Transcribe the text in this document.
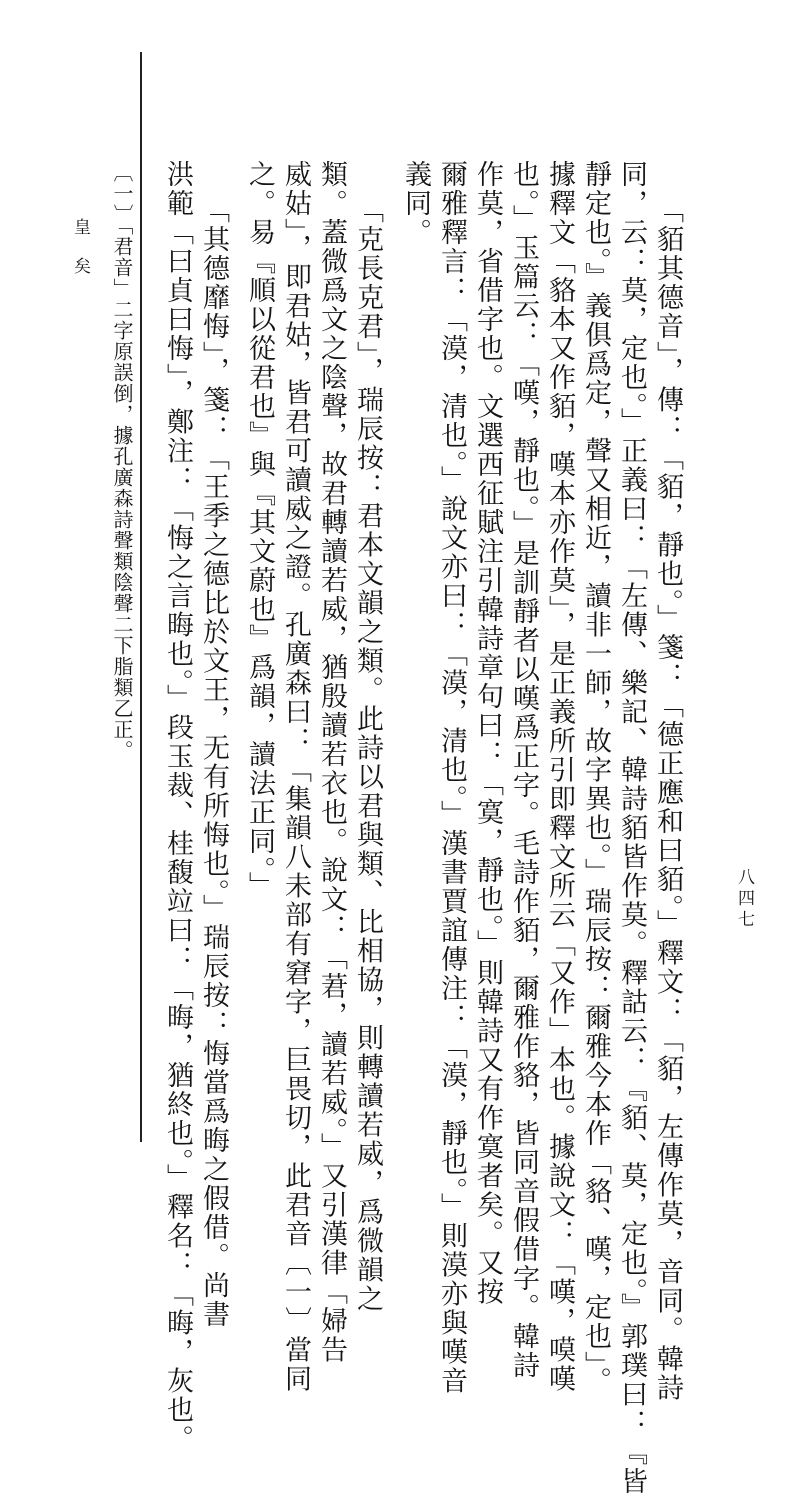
八四七
「貊其德音」，傳：「貊，靜也。」箋：「德正應和曰貊。」釋文：「貊，左傳作莫，音同。韓詩
同，云：莫，定也。」正義曰：「左傳、樂記、韓詩貊皆作莫。釋詁云：『貊、莫，定也。』郭璞曰：『皆
靜定也。』義俱爲定，聲又相近，讀非一師，故字異也。」瑞辰按：爾雅今本作「貉、嘆，定也」。
據釋文「貉本又作貊，嘆本亦作莫」，是正義所引即釋文所云「又作」本也。據說文：「嘆，嗼嘆
也。」玉篇云：「嘆，靜也。」是訓靜者以嘆爲正字。毛詩作貊，爾雅作貉，皆同音假借字。韓詩
作莫，省借字也。文選西征賦注引韓詩章句曰：「寞，靜也。」則韓詩又有作寞者矣。又按
爾雅釋言：「漠，清也。」說文亦曰：「漠，清也。」漢書賈誼傳注：「漠，靜也。」則漠亦與嘆音
義同。
「克長克君」，瑞辰按：君本文韻之類。此詩以君與類、比相協，則轉讀若威，爲微韻之
類。蓋微爲文之陰聲，故君轉讀若威，猶殷讀若衣也。說文：「莙，讀若威。」又引漢律「婦告
威姑」，即君姑，皆君可讀威之證。孔廣森曰：「集韻八未部有窘字，巨畏切，此君音〔一〕當同
之。易『順以從君也』與『其文蔚也』爲韻，讀法正同。」
「其德靡悔」，箋：「王季之德比於文王，无有所悔也。」瑞辰按：悔當爲晦之假借。尚書
洪範「曰貞曰悔」，鄭注：「悔之言晦也。」段玉裁、桂馥竝曰：「晦，猶終也。」釋名：「晦，灰也。
〔一〕「君音」二字原誤倒，據孔廣森詩聲類陰聲二下脂類乙正。
皇矣
